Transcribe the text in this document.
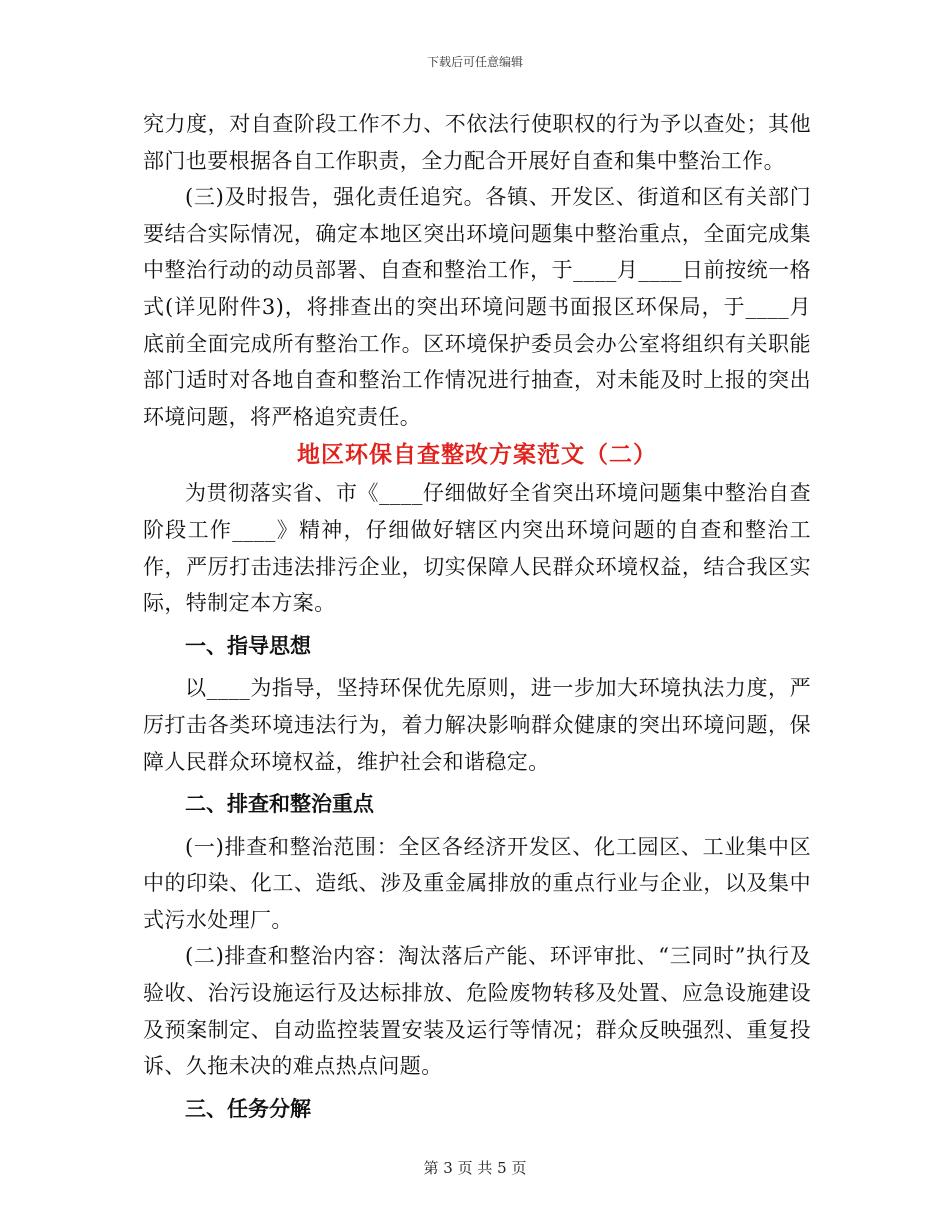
下载后可任意编辑

究力度，对自查阶段工作不力、不依法行使职权的行为予以查处；其他部门也要根据各自工作职责，全力配合开展好自查和集中整治工作。

(三)及时报告，强化责任追究。各镇、开发区、街道和区有关部门要结合实际情况，确定本地区突出环境问题集中整治重点，全面完成集中整治行动的动员部署、自查和整治工作，于____月____日前按统一格式(详见附件3)，将排查出的突出环境问题书面报区环保局，于____月底前全面完成所有整治工作。区环境保护委员会办公室将组织有关职能部门适时对各地自查和整治工作情况进行抽查，对未能及时上报的突出环境问题，将严格追究责任。

地区环保自查整改方案范文（二）

为贯彻落实省、市《____仔细做好全省突出环境问题集中整治自查阶段工作____》精神，仔细做好辖区内突出环境问题的自查和整治工作，严厉打击违法排污企业，切实保障人民群众环境权益，结合我区实际，特制定本方案。

一、指导思想

以____为指导，坚持环保优先原则，进一步加大环境执法力度，严厉打击各类环境违法行为，着力解决影响群众健康的突出环境问题，保障人民群众环境权益，维护社会和谐稳定。

二、排查和整治重点

(一)排查和整治范围：全区各经济开发区、化工园区、工业集中区中的印染、化工、造纸、涉及重金属排放的重点行业与企业，以及集中式污水处理厂。

(二)排查和整治内容：淘汰落后产能、环评审批、“三同时”执行及验收、治污设施运行及达标排放、危险废物转移及处置、应急设施建设及预案制定、自动监控装置安装及运行等情况；群众反映强烈、重复投诉、久拖未决的难点热点问题。

三、任务分解
第 3 页 共 5 页
